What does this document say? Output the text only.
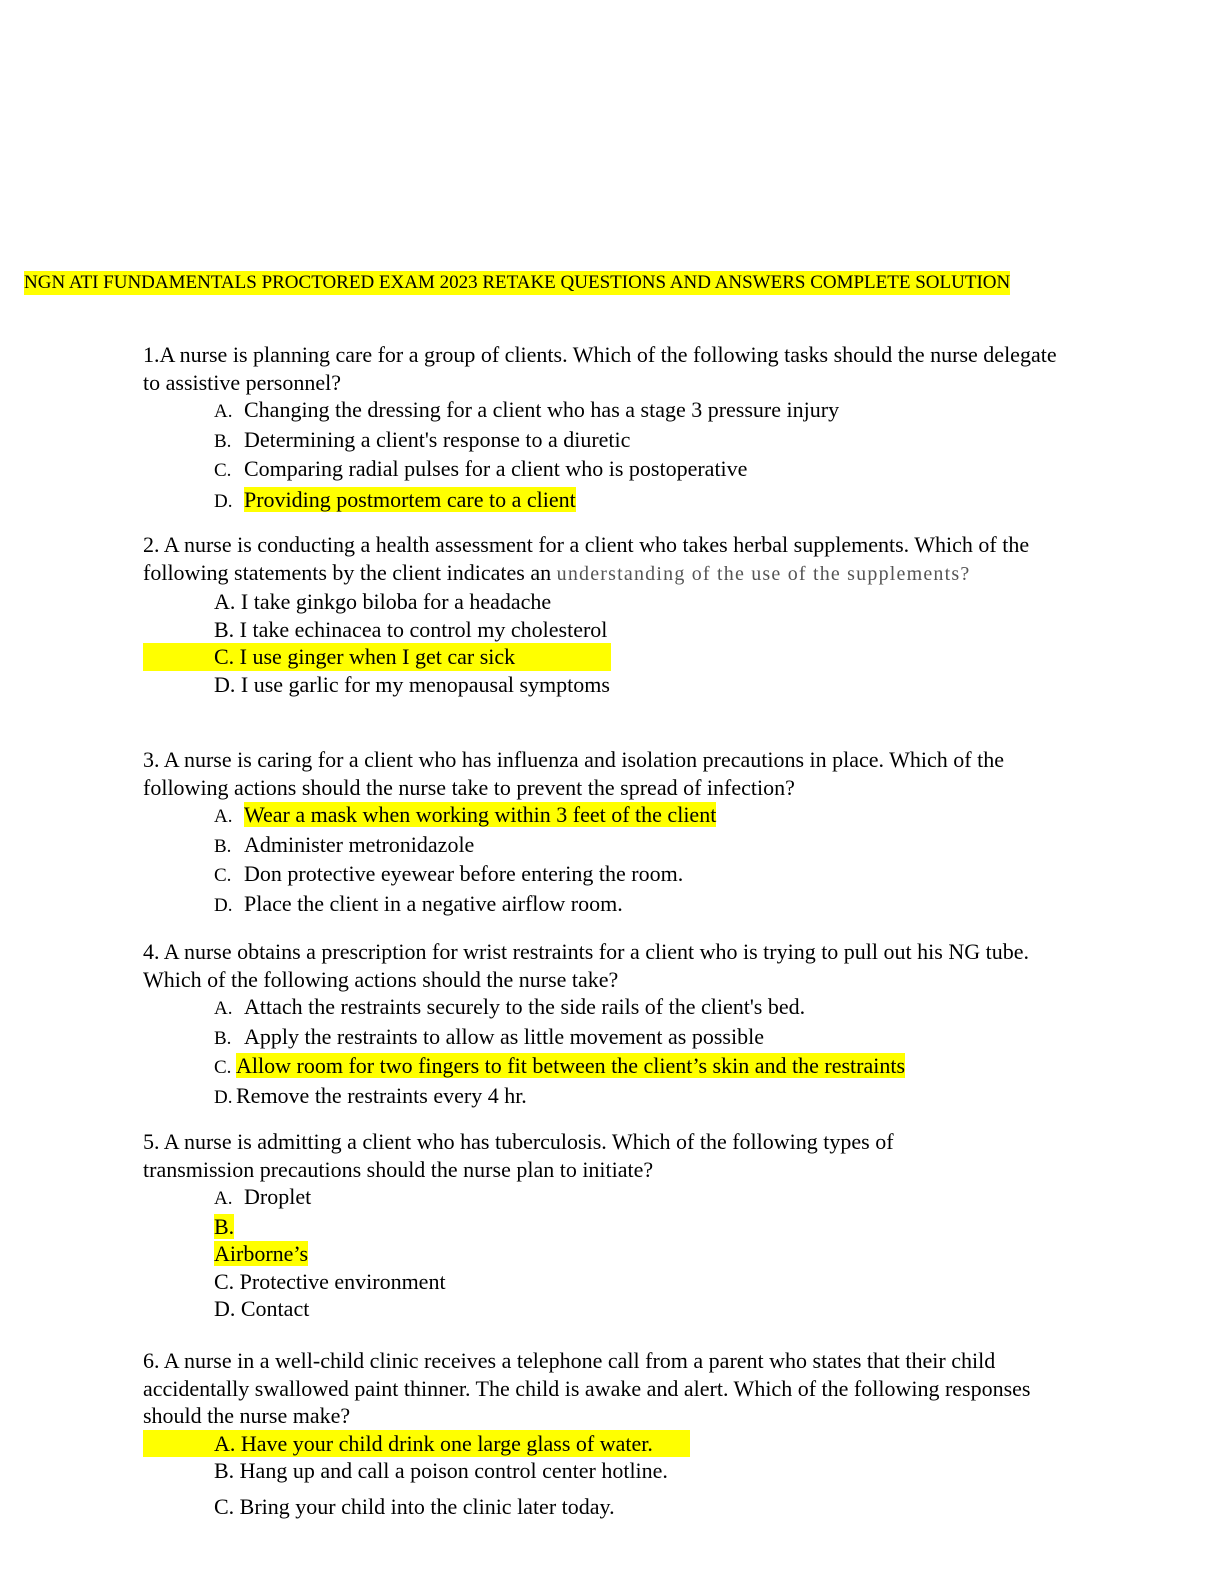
NGN ATI FUNDAMENTALS PROCTORED EXAM 2023 RETAKE QUESTIONS AND ANSWERS COMPLETE SOLUTION

1.A nurse is planning care for a group of clients. Which of the following tasks should the nurse delegate to assistive personnel?

A. Changing the dressing for a client who has a stage 3 pressure injury

B. Determining a client's response to a diuretic

C. Comparing radial pulses for a client who is postoperative

D. Providing postmortem care to a client

2. A nurse is conducting a health assessment for a client who takes herbal supplements. Which of the following statements by the client indicates an understanding of the use of the supplements?

A. I take ginkgo biloba for a headache

B. I take echinacea to control my cholesterol

C. I use ginger when I get car sick

D. I use garlic for my menopausal symptoms

3. A nurse is caring for a client who has influenza and isolation precautions in place. Which of the following actions should the nurse take to prevent the spread of infection?

A. Wear a mask when working within 3 feet of the client

B. Administer metronidazole

C. Don protective eyewear before entering the room.

D. Place the client in a negative airflow room.

4. A nurse obtains a prescription for wrist restraints for a client who is trying to pull out his NG tube. Which of the following actions should the nurse take?

A. Attach the restraints securely to the side rails of the client's bed.

B. Apply the restraints to allow as little movement as possible

C. Allow room for two fingers to fit between the client’s skin and the restraints

D. Remove the restraints every 4 hr.

5. A nurse is admitting a client who has tuberculosis. Which of the following types of transmission precautions should the nurse plan to initiate?

A. Droplet

B.

Airborne’s

C. Protective environment

D. Contact

6. A nurse in a well-child clinic receives a telephone call from a parent who states that their child accidentally swallowed paint thinner. The child is awake and alert. Which of the following responses should the nurse make?

A. Have your child drink one large glass of water.

B. Hang up and call a poison control center hotline.

C. Bring your child into the clinic later today.
